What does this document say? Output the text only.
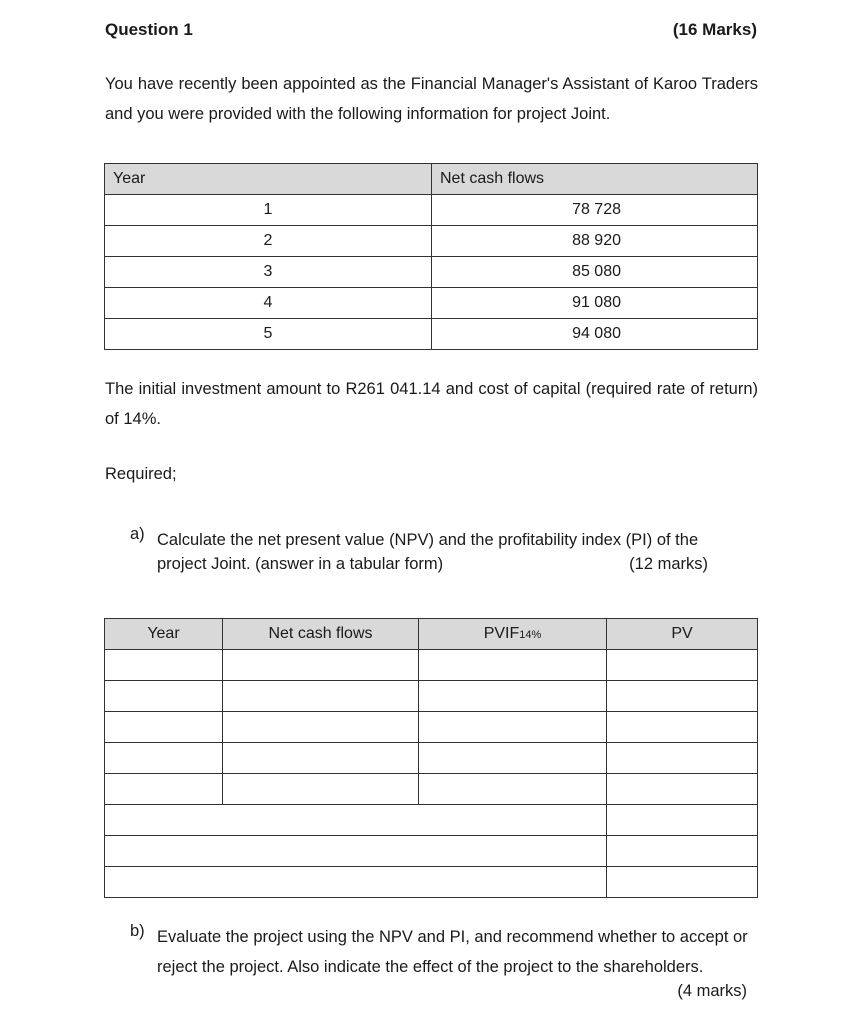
Question 1	(16 Marks)
You have recently been appointed as the Financial Manager's Assistant of Karoo Traders and you were provided with the following information for project Joint.
Year	Net cash flows
1	78 728
2	88 920
3	85 080
4	91 080
5	94 080
The initial investment amount to R261 041.14 and cost of capital (required rate of return) of 14%.
Required;
a) Calculate the net present value (NPV) and the profitability index (PI) of the
project Joint. (answer in a tabular form)	(12 marks)
Year	Net cash flows	PVIF14%	PV

b) Evaluate the project using the NPV and PI, and recommend whether to accept or reject the project. Also indicate the effect of the project to the shareholders.
(4 marks)
